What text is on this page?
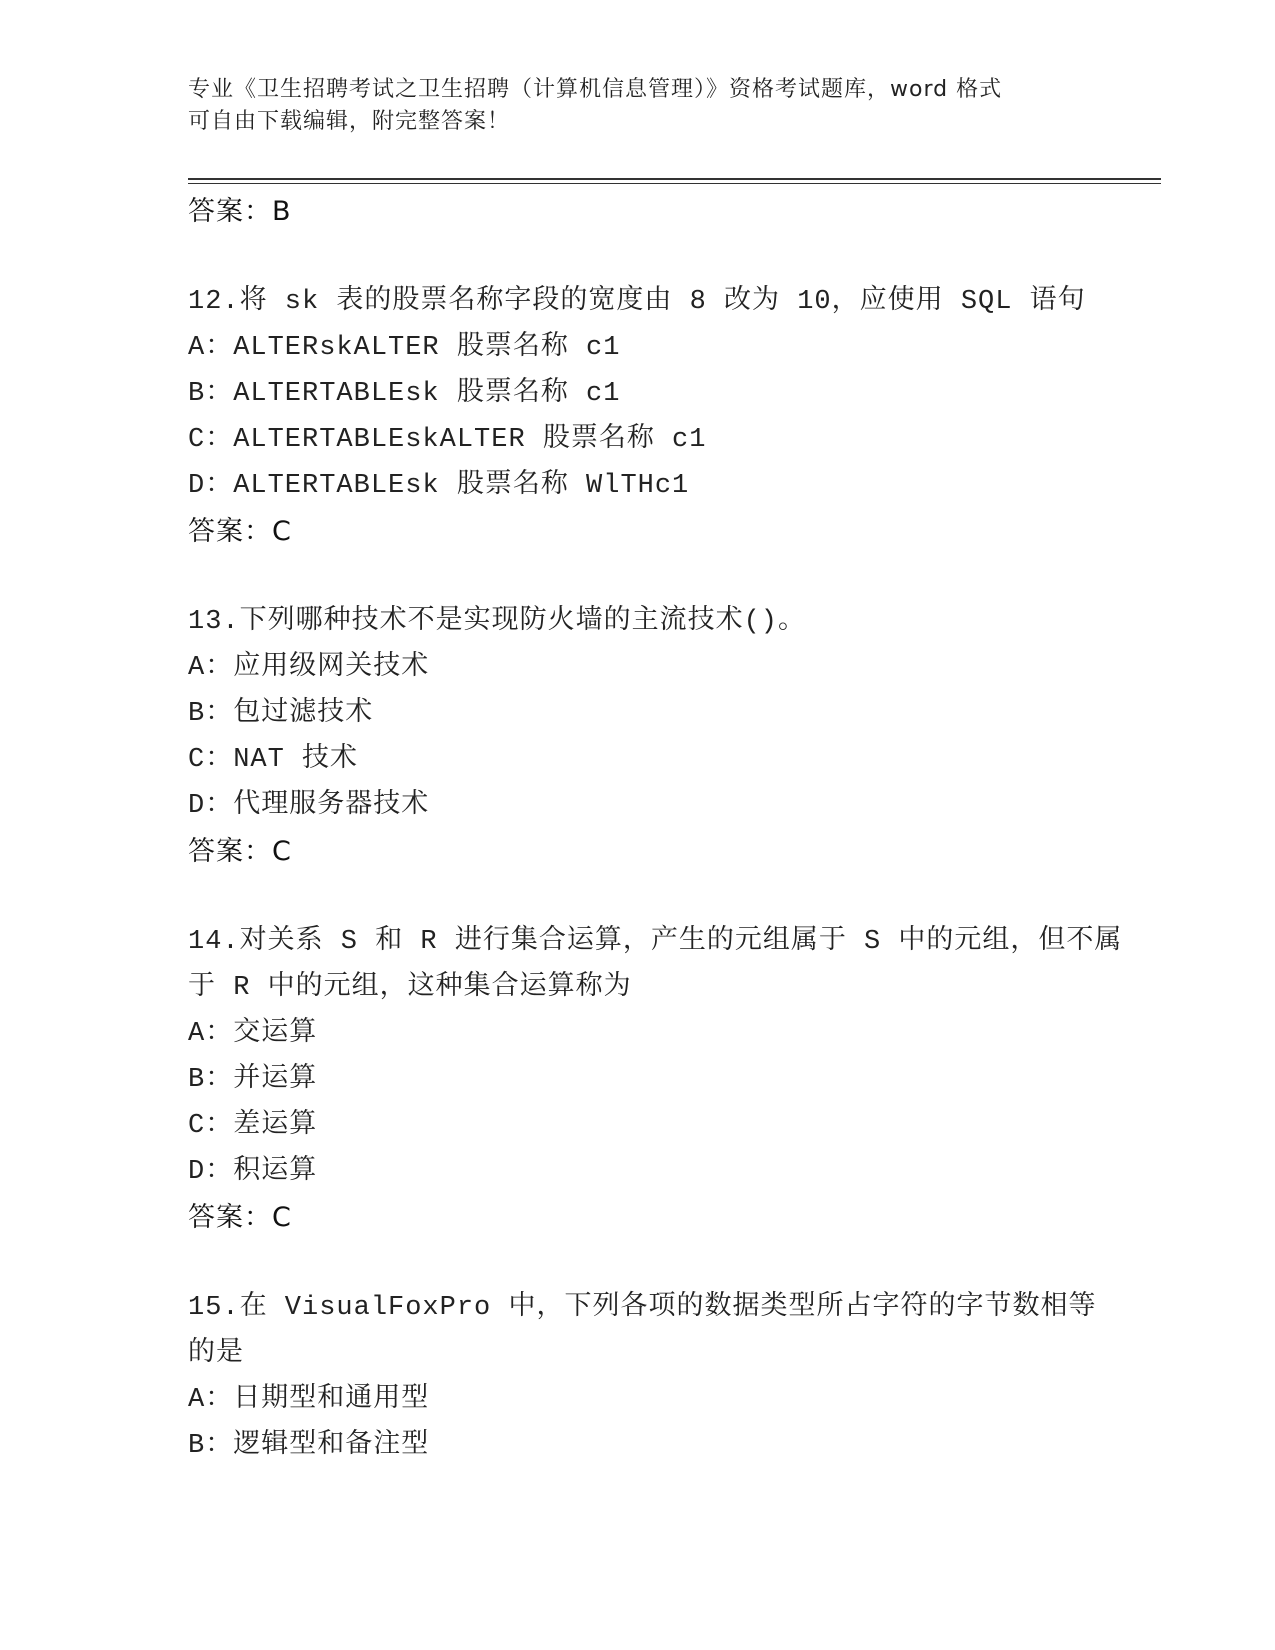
专业《卫生招聘考试之卫生招聘（计算机信息管理）》资格考试题库，word 格式
可自由下载编辑，附完整答案！
答案：B
12.将 sk 表的股票名称字段的宽度由 8 改为 10，应使用 SQL 语句
A：ALTERskALTER 股票名称 c1
B：ALTERTABLEsk 股票名称 c1
C：ALTERTABLEskALTER 股票名称 c1
D：ALTERTABLEsk 股票名称 WlTHc1
答案：C
13.下列哪种技术不是实现防火墙的主流技术()。
A：应用级网关技术
B：包过滤技术
C：NAT 技术
D：代理服务器技术
答案：C
14.对关系 S 和 R 进行集合运算，产生的元组属于 S 中的元组，但不属
于 R 中的元组，这种集合运算称为
A：交运算
B：并运算
C：差运算
D：积运算
答案：C
15.在 VisualFoxPro 中，下列各项的数据类型所占字符的字节数相等
的是
A：日期型和通用型
B：逻辑型和备注型
